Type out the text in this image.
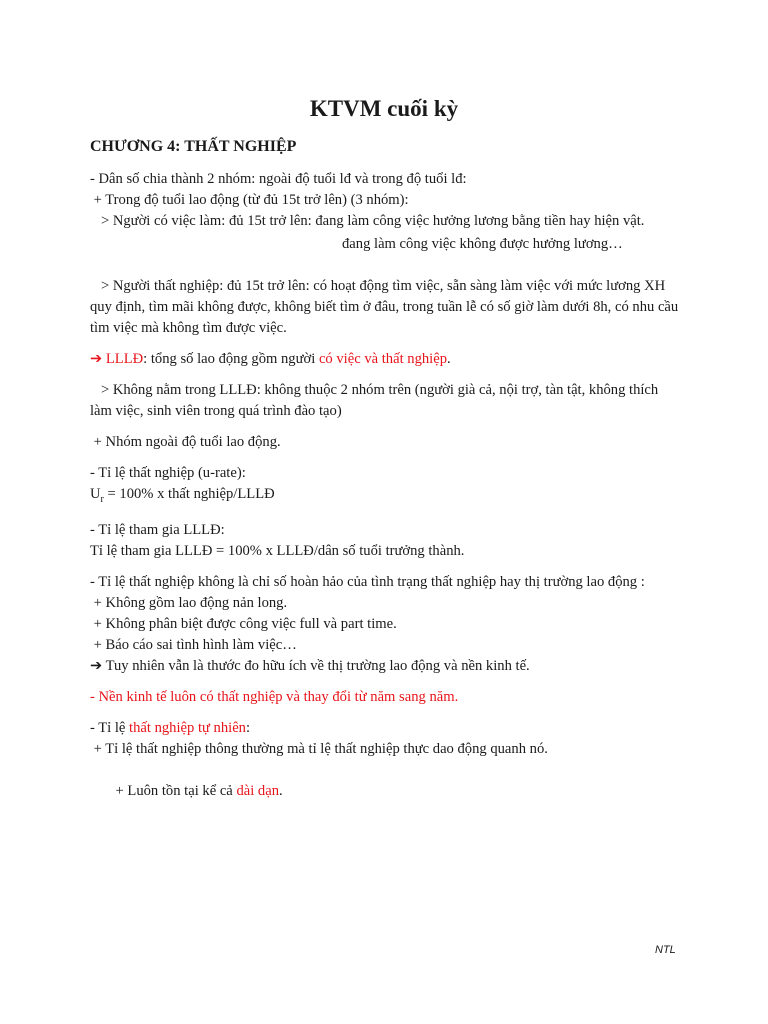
KTVM cuối kỳ
CHƯƠNG 4: THẤT NGHIỆP

- Dân số chia thành 2 nhóm: ngoài độ tuổi lđ và trong độ tuổi lđ:

+ Trong độ tuổi lao động (từ đủ 15t trở lên) (3 nhóm):

> Người có việc làm: đủ 15t trở lên: đang làm công việc hưởng lương bằng tiền hay hiện vật.

đang làm công việc không được hưởng lương…

> Người thất nghiệp: đủ 15t trở lên: có hoạt động tìm việc, sẵn sàng làm việc với mức lương XH quy định, tìm mãi không được, không biết tìm ở đâu, trong tuần lễ có số giờ làm dưới 8h, có nhu cầu tìm việc mà không tìm được việc.

➔ LLLĐ: tổng số lao động gồm người có việc và thất nghiệp.

> Không nằm trong LLLĐ: không thuộc 2 nhóm trên (người già cả, nội trợ, tàn tật, không thích làm việc, sinh viên trong quá trình đào tạo)

+ Nhóm ngoài độ tuổi lao động.

- Tỉ lệ thất nghiệp (u-rate):

$U_r = 100\%$ x thất nghiệp/LLLĐ

- Tỉ lệ tham gia LLLĐ:

Tỉ lệ tham gia LLLĐ = 100% x LLLĐ/dân số tuổi trưởng thành.

- Tỉ lệ thất nghiệp không là chỉ số hoàn hảo của tình trạng thất nghiệp hay thị trường lao động :

+ Không gồm lao động nản long.

+ Không phân biệt được công việc full và part time.

+ Báo cáo sai tình hình làm việc…

➔ Tuy nhiên vẫn là thước đo hữu ích về thị trường lao động và nền kinh tế.

- Nền kinh tế luôn có thất nghiệp và thay đổi từ năm sang năm.

- Tỉ lệ thất nghiệp tự nhiên:

+ Tỉ lệ thất nghiệp thông thường mà tỉ lệ thất nghiệp thực dao động quanh nó.

+ Luôn tồn tại kể cả dài dạn.

NTL
